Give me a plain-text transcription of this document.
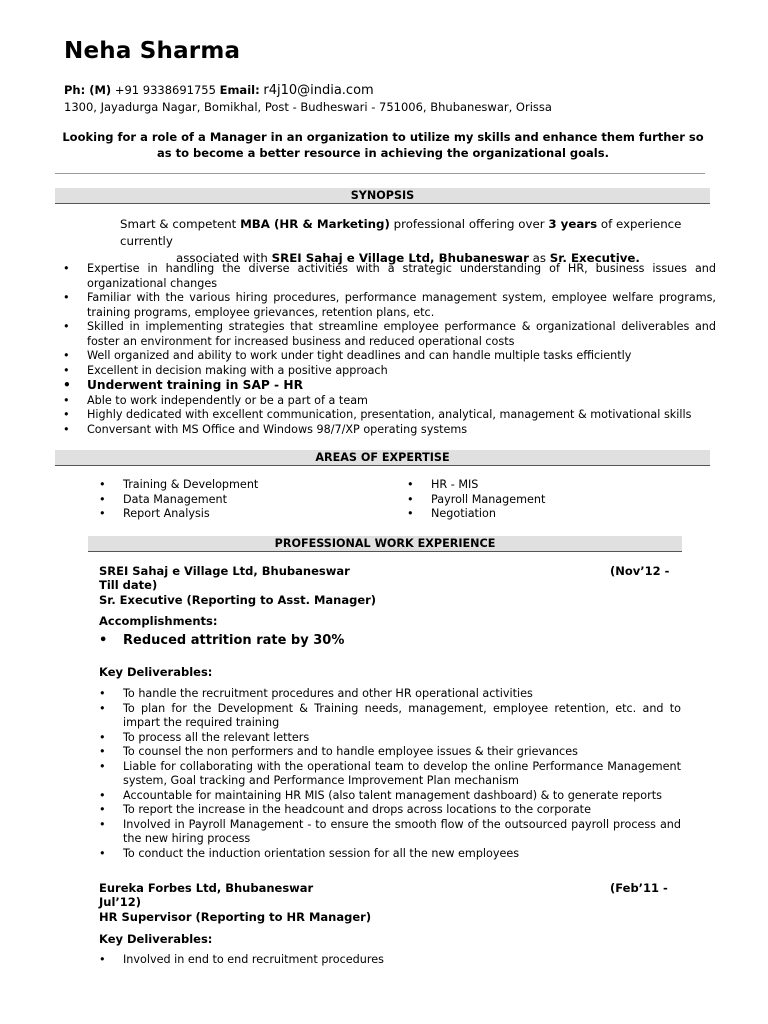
Neha Sharma
Ph: (M) +91 9338691755 Email: r4j10@india.com
1300, Jayadurga Nagar, Bomikhal, Post - Budheswari - 751006, Bhubaneswar, Orissa
Looking for a role of a Manager in an organization to utilize my skills and enhance them further so as to become a better resource in achieving the organizational goals.
SYNOPSIS
Smart & competent MBA (HR & Marketing) professional offering over 3 years of experience currently
associated with SREI Sahaj e Village Ltd, Bhubaneswar as Sr. Executive.
• Expertise in handling the diverse activities with a strategic understanding of HR, business issues and organizational changes
• Familiar with the various hiring procedures, performance management system, employee welfare programs, training programs, employee grievances, retention plans, etc.
• Skilled in implementing strategies that streamline employee performance & organizational deliverables and foster an environment for increased business and reduced operational costs
• Well organized and ability to work under tight deadlines and can handle multiple tasks efficiently
• Excellent in decision making with a positive approach
• Underwent training in SAP - HR
• Able to work independently or be a part of a team
• Highly dedicated with excellent communication, presentation, analytical, management & motivational skills
• Conversant with MS Office and Windows 98/7/XP operating systems
AREAS OF EXPERTISE
• Training & Development
• Data Management
• Report Analysis
• HR - MIS
• Payroll Management
• Negotiation
PROFESSIONAL WORK EXPERIENCE
SREI Sahaj e Village Ltd, Bhubaneswar	(Nov’12 -
Till date)
Sr. Executive (Reporting to Asst. Manager)
Accomplishments:
• Reduced attrition rate by 30%
Key Deliverables:
• To handle the recruitment procedures and other HR operational activities
• To plan for the Development & Training needs, management, employee retention, etc. and to impart the required training
• To process all the relevant letters
• To counsel the non performers and to handle employee issues & their grievances
• Liable for collaborating with the operational team to develop the online Performance Management system, Goal tracking and Performance Improvement Plan mechanism
• Accountable for maintaining HR MIS (also talent management dashboard) & to generate reports
• To report the increase in the headcount and drops across locations to the corporate
• Involved in Payroll Management - to ensure the smooth flow of the outsourced payroll process and the new hiring process
• To conduct the induction orientation session for all the new employees
Eureka Forbes Ltd, Bhubaneswar	(Feb’11 -
Jul’12)
HR Supervisor (Reporting to HR Manager)
Key Deliverables:
• Involved in end to end recruitment procedures
